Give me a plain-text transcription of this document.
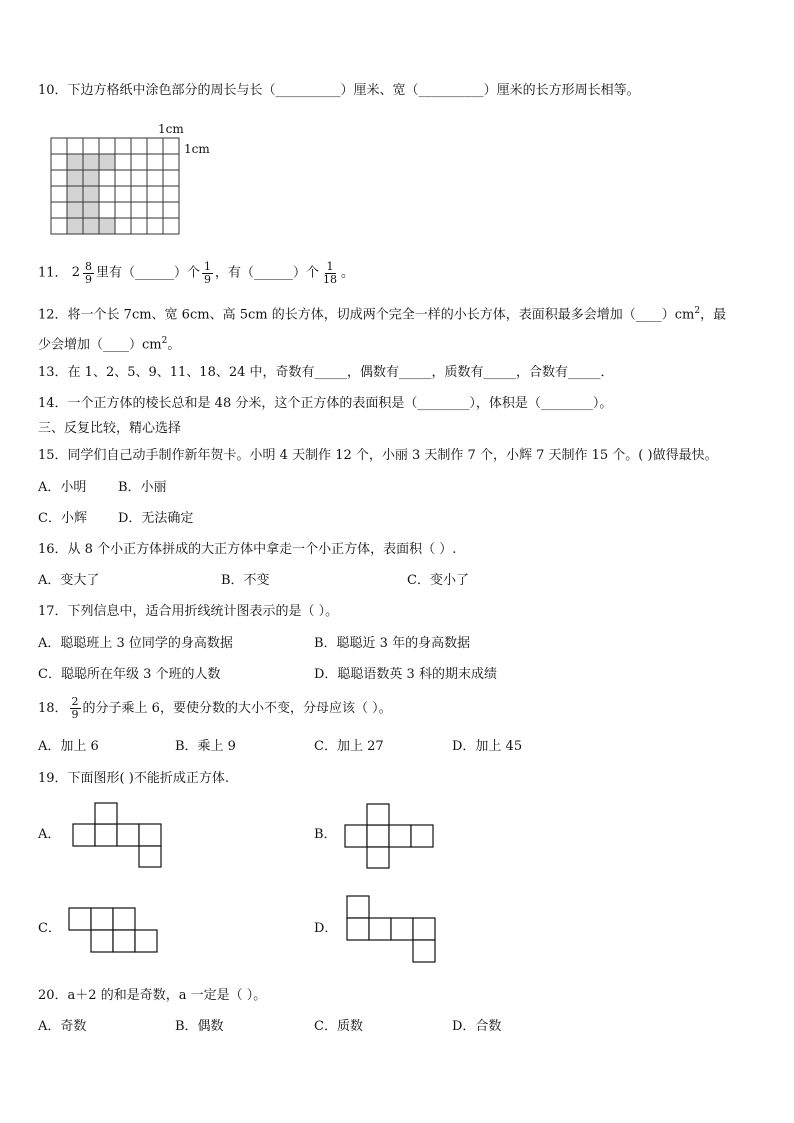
10．下边方格纸中涂色部分的周长与长（__________）厘米、宽（__________）厘米的长方形周长相等。
1cm
1cm
11． $2 \frac{8}{9}$ 里有（______）个 $\frac{1}{9}$ ，有（______）个 $\frac{1}{18}$ 。
12．将一个长 7cm、宽 6cm、高 5cm 的长方体，切成两个完全一样的小长方体，表面积最多会增加$(\_\_\_\_)cm^2$，最
少会增加$(\_\_\_\_)cm^2$。
13．在 1、2、5、9、11、18、24 中，奇数有_____，偶数有_____，质数有_____，合数有_____．
14．一个正方体的棱长总和是 48 分米，这个正方体的表面积是（________），体积是（________）。
三、反复比较，精心选择
15．同学们自己动手制作新年贺卡。小明 4 天制作 12 个，小丽 3 天制作 7 个，小辉 7 天制作 15 个。( )做得最快。
A．小明 B．小丽
C．小辉 D．无法确定
16．从 8 个小正方体拼成的大正方体中拿走一个小正方体，表面积（ ）.
A．变大了	B．不变	C．变小了
17．下列信息中，适合用折线统计图表示的是（ ）。
A．聪聪班上 3 位同学的身高数据	B．聪聪近 3 年的身高数据
C．聪聪所在年级 3 个班的人数	D．聪聪语数英 3 科的期末成绩
18． $\frac{2}{9}$ 的分子乘上 6，要使分数的大小不变，分母应该（ ）。
A．加上 6	B．乘上 9	C．加上 27	D．加上 45
19．下面图形( )不能折成正方体.
A．	B．
C．	D．
20．a＋2 的和是奇数，a 一定是（ ）。
A．奇数	B．偶数	C．质数	D．合数
